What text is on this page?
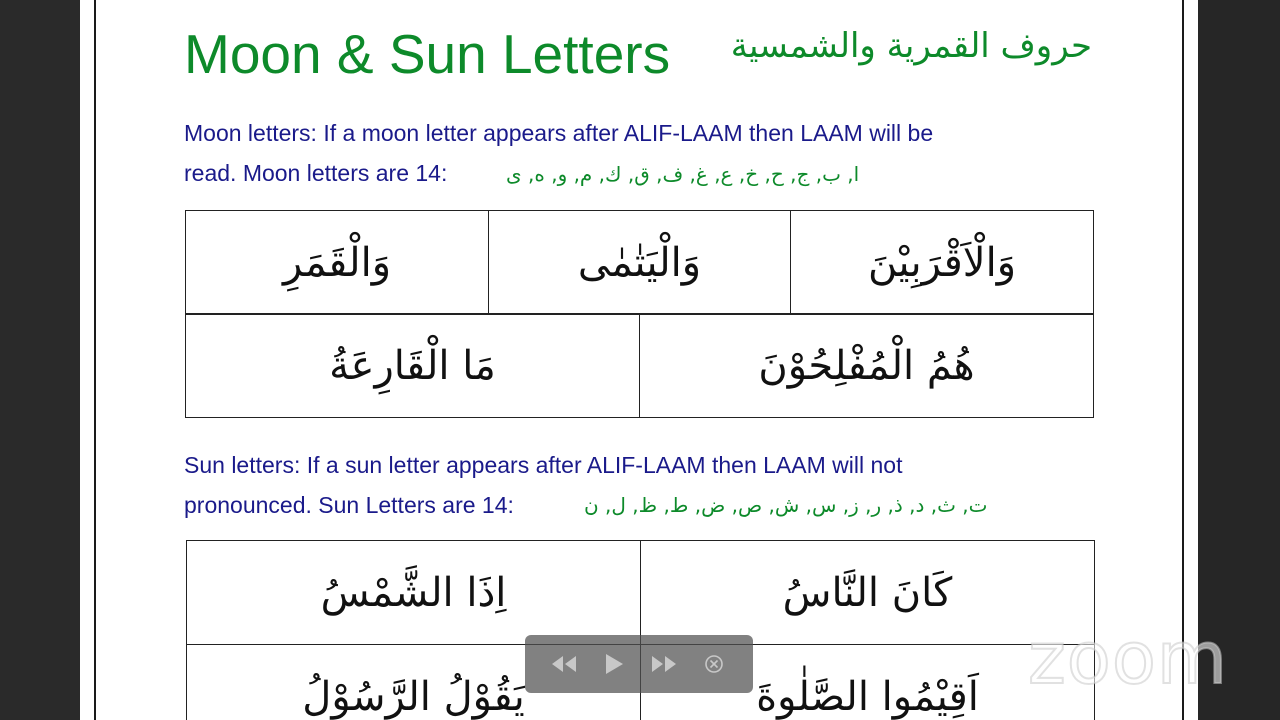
Moon & Sun Letters حروف القمرية والشمسية
Moon letters: If a moon letter appears after ALIF-LAAM then LAAM will be
read. Moon letters are 14:	ا, ب, ج, ح, خ, ع, غ, ف, ق, ك, م, و, ه, ی
وَالْقَمَرِ	وَالْيَتٰمٰى	وَالْاَقْرَبِيْنَ
مَا الْقَارِعَةُ	هُمُ الْمُفْلِحُوْنَ
Sun letters: If a sun letter appears after ALIF-LAAM then LAAM will not
pronounced. Sun Letters are 14:	ت, ث, د, ذ, ر, ز, س, ش, ص, ض, ط, ظ, ل, ن
اِذَا الشَّمْسُ	كَانَ النَّاسُ
يَقُوْلُ الرَّسُوْلُ	اَقِيْمُوا الصَّلٰوةَ zoom
